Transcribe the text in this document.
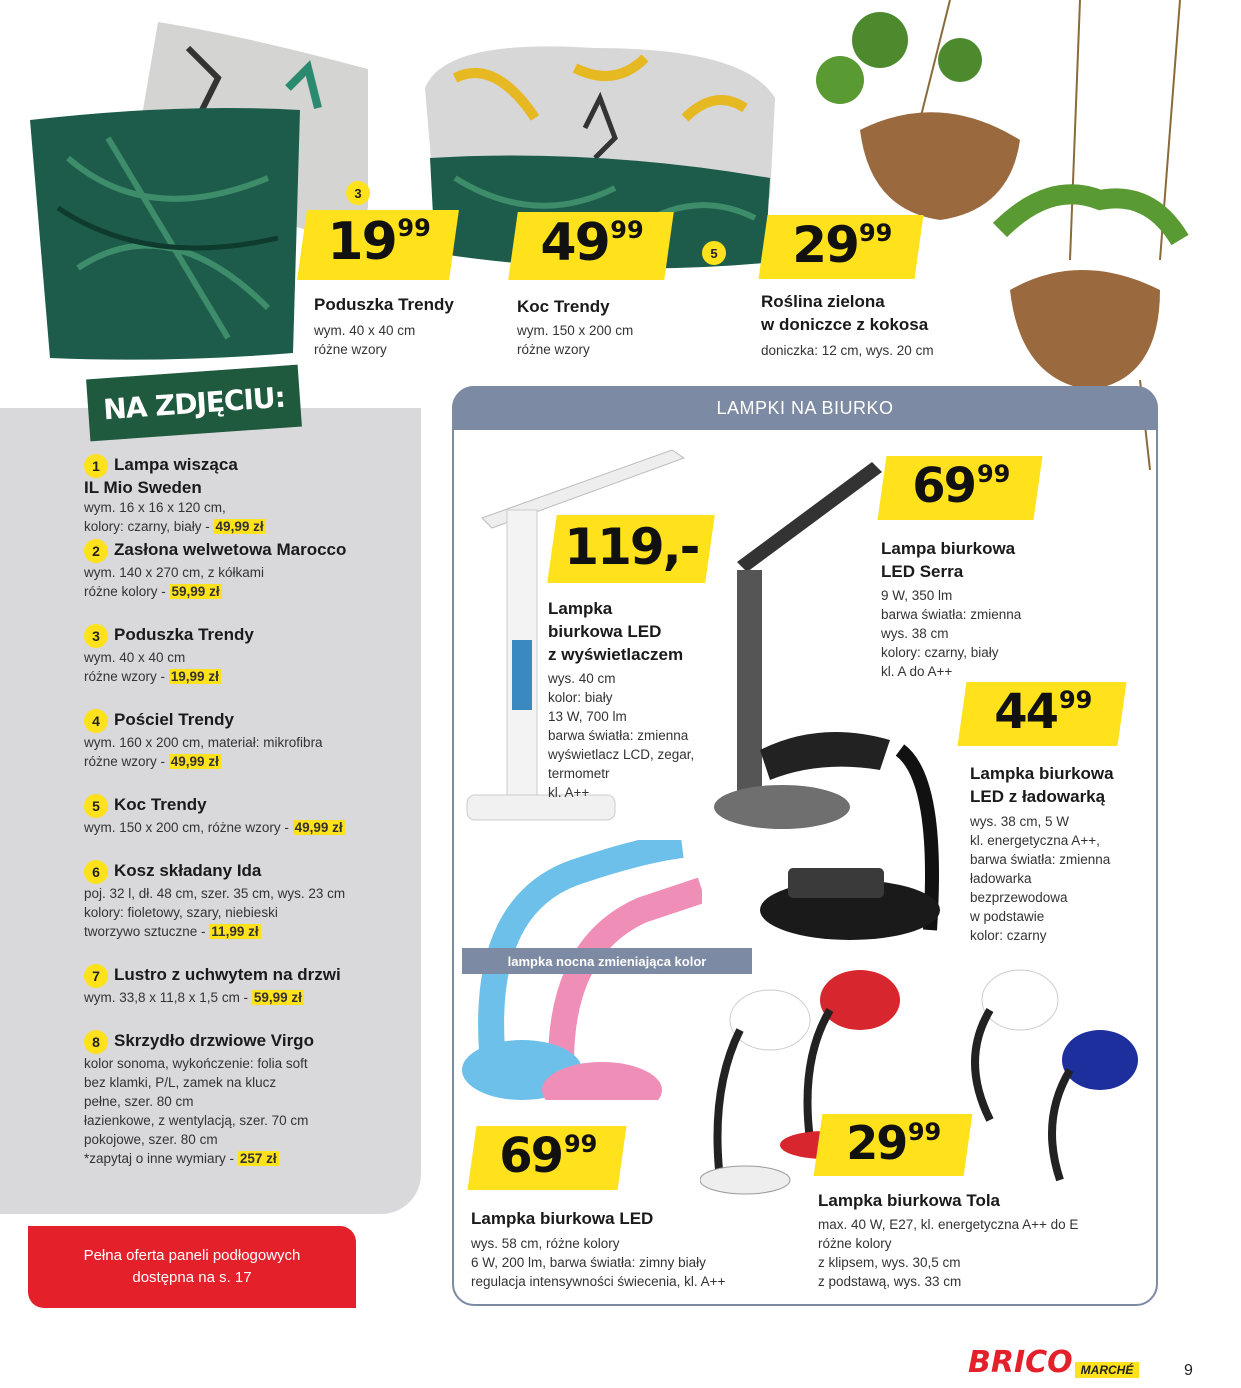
3
19 99
Poduszka Trendy
wym. 40 x 40 cm
różne wzory
49 99
Koc Trendy
wym. 150 x 200 cm
różne wzory
5 29 99
Roślina zielona
w doniczce z kokosa
doniczka: 12 cm, wys. 20 cm
NA ZDJĘCIU:
1 Lampa wisząca
IL Mio Sweden
wym. 16 x 16 x 120 cm,
kolory: czarny, biały - 49,99 zł
2 Zasłona welwetowa Marocco
wym. 140 x 270 cm, z kółkami
różne kolory - 59,99 zł
3 Poduszka Trendy
wym. 40 x 40 cm
różne wzory - 19,99 zł
4 Pościel Trendy
wym. 160 x 200 cm, materiał: mikrofibra
różne wzory - 49,99 zł
5 Koc Trendy
wym. 150 x 200 cm, różne wzory - 49,99 zł
6 Kosz składany Ida
poj. 32 l, dł. 48 cm, szer. 35 cm, wys. 23 cm
kolory: fioletowy, szary, niebieski
tworzywo sztuczne - 11,99 zł
7 Lustro z uchwytem na drzwi
wym. 33,8 x 11,8 x 1,5 cm - 59,99 zł
8 Skrzydło drzwiowe Virgo
kolor sonoma, wykończenie: folia soft
bez klamki, P/L, zamek na klucz
pełne, szer. 80 cm
łazienkowe, z wentylacją, szer. 70 cm
pokojowe, szer. 80 cm
*zapytaj o inne wymiary - 257 zł
Pełna oferta paneli podłogowych
dostępna na s. 17
LAMPKI NA BIURKO
119,-
Lampka
biurkowa LED
z wyświetlaczem
wys. 40 cm
kolor: biały
13 W, 700 lm
barwa światła: zmienna
wyświetlacz LCD, zegar,
termometr
kl. A++
69 99
Lampa biurkowa
LED Serra
9 W, 350 lm
barwa światła: zmienna
wys. 38 cm
kolory: czarny, biały
kl. A do A++
44 99
Lampka biurkowa
LED z ładowarką
wys. 38 cm, 5 W
kl. energetyczna A++,
barwa światła: zmienna
ładowarka
bezprzewodowa
w podstawie
kolor: czarny
lampka nocna zmieniająca kolor
69 99
Lampka biurkowa LED
wys. 58 cm, różne kolory
6 W, 200 lm, barwa światła: zimny biały
regulacja intensywności świecenia, kl. A++
29 99
Lampka biurkowa Tola
max. 40 W, E27, kl. energetyczna A++ do E
różne kolory
z klipsem, wys. 30,5 cm
z podstawą, wys. 33 cm
BRICO MARCHÉ	9
